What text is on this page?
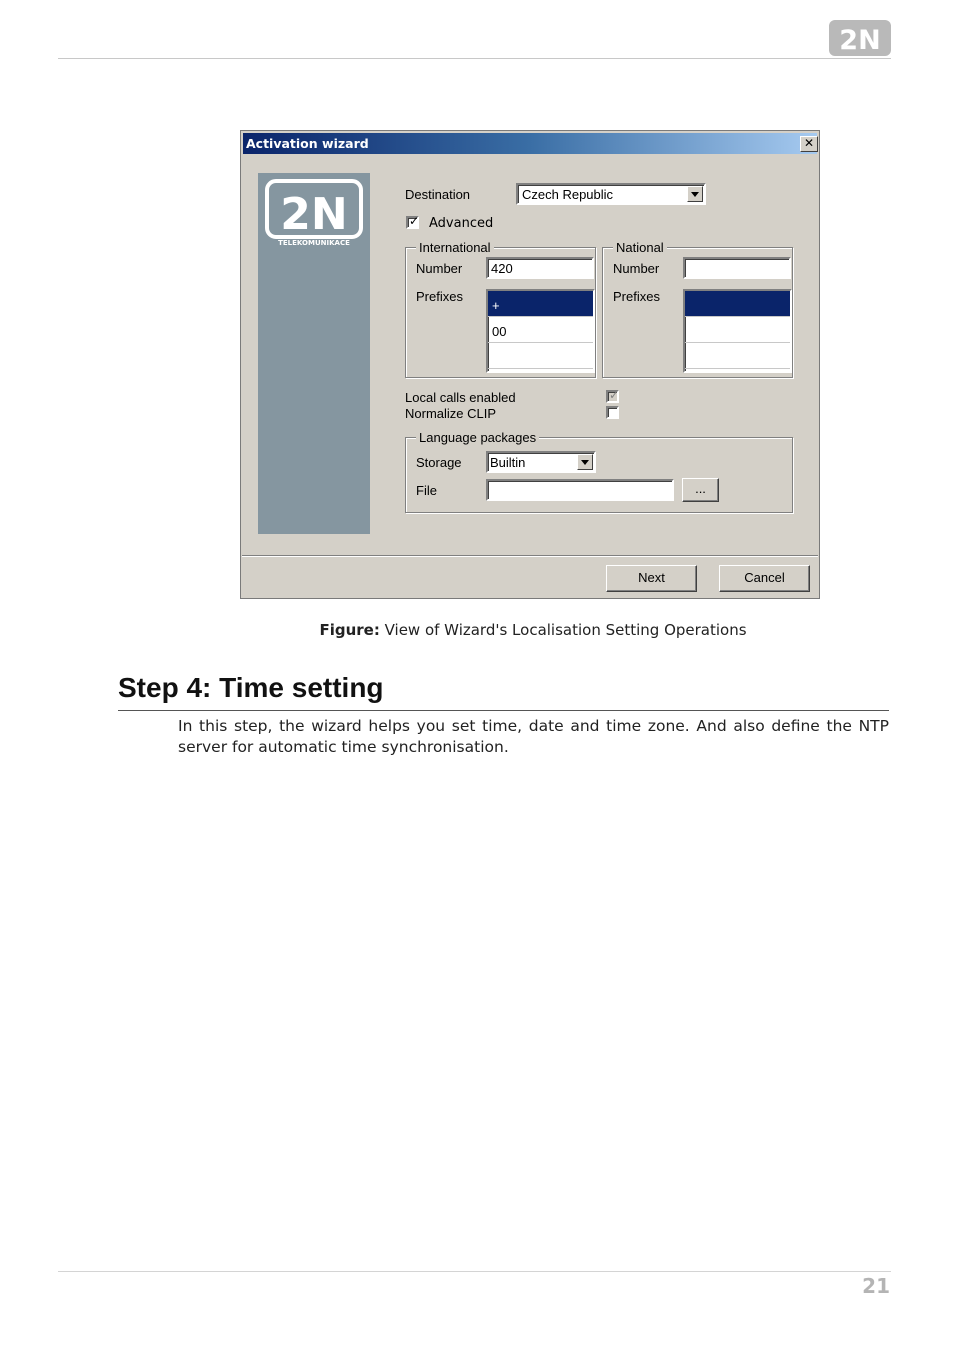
2N
Activation wizard	✕
2N
TELEKOMUNIKACE
Destination	Czech Republic
✓ Advanced
International
Number	420
Prefixes
+
00
National
Number
Prefixes
Local calls enabled	✓
Normalize CLIP
Language packages
Storage	Builtin
File	...
Next	Cancel
Figure: View of Wizard's Localisation Setting Operations
Step 4: Time setting
In this step, the wizard helps you set time, date and time zone. And also define the NTP server for automatic time synchronisation.
21
